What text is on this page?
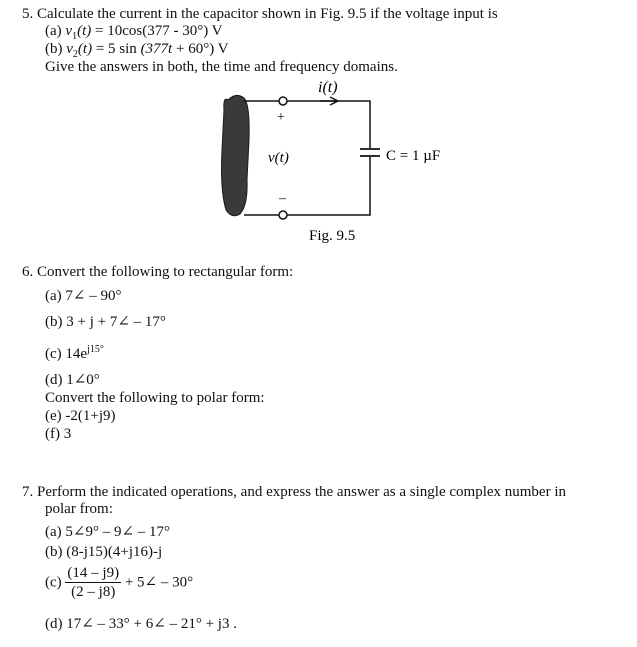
5. Calculate the current in the capacitor shown in Fig. 9.5 if the voltage input is
(a) $v_1(t) = 10\cos(377 - 30^\circ)$ V
(b) $v_2(t) = 5$ sin (377t + 60°) V
Give the answers in both, the time and frequency domains.
i(t)
+
v(t)
–
C = 1 µF
Fig. 9.5
6. Convert the following to rectangular form:
(a) 7∠ – 90°
(b) 3 + j + 7∠ – 17°
(c) $14e^{j15^\circ}$
(d) 1∠0°
Convert the following to polar form:
(e) -2(1+j9)
(f) 3
7. Perform the indicated operations, and express the answer as a single complex number in
polar from:
(a) 5∠9° – 9∠ – 17°
(b) (8-j15)(4+j16)-j
$(c) \frac{(14 - j9)}{(2 - j8)}$ + 5∠ – 30°
(d) 17∠ – 33° + 6∠ – 21° + j3 .
